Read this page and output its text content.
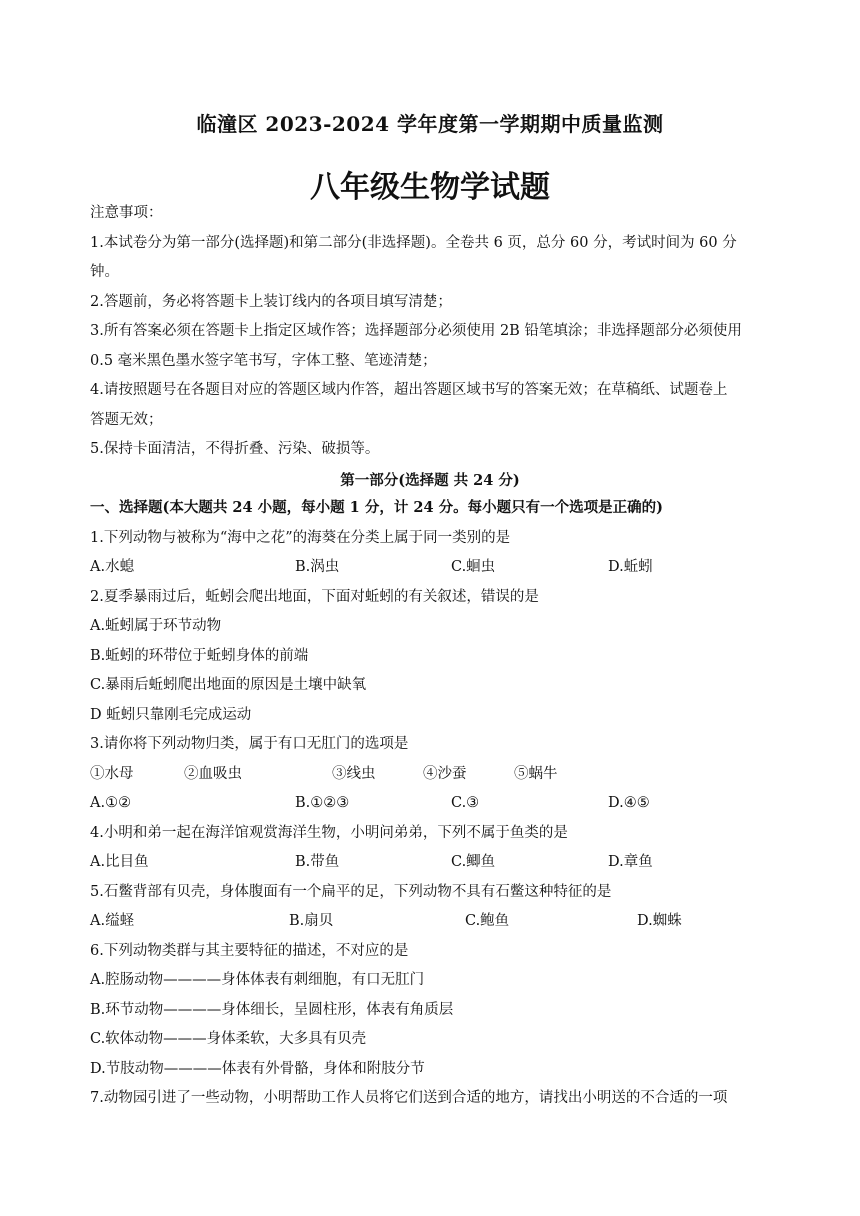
临潼区 2023-2024 学年度第一学期期中质量监测
八年级生物学试题
注意事项：
1.本试卷分为第一部分(选择题)和第二部分(非选择题)。全卷共 6 页，总分 60 分，考试时间为 60 分
钟。
2.答题前，务必将答题卡上装订线内的各项目填写清楚；
3.所有答案必须在答题卡上指定区域作答；选择题部分必须使用 2B 铅笔填涂；非选择题部分必须使用
0.5 毫米黑色墨水签字笔书写，字体工整、笔迹清楚；
4.请按照题号在各题目对应的答题区域内作答，超出答题区域书写的答案无效；在草稿纸、试题卷上
答题无效；
5.保持卡面清洁，不得折叠、污染、破损等。
第一部分(选择题 共 24 分)
一、选择题(本大题共 24 小题，每小题 1 分，计 24 分。每小题只有一个选项是正确的)
1.下列动物与被称为“海中之花”的海葵在分类上属于同一类别的是
A.水螅	B.涡虫	C.蛔虫	D.蚯蚓
2.夏季暴雨过后，蚯蚓会爬出地面，下面对蚯蚓的有关叙述，错误的是
A.蚯蚓属于环节动物
B.蚯蚓的环带位于蚯蚓身体的前端
C.暴雨后蚯蚓爬出地面的原因是土壤中缺氧
D 蚯蚓只靠刚毛完成运动
3.请你将下列动物归类，属于有口无肛门的选项是
①水母	②血吸虫	③线虫	④沙蚕	⑤蜗牛
A.①②	B.①②③	C.③	D.④⑤
4.小明和弟一起在海洋馆观赏海洋生物，小明问弟弟，下列不属于鱼类的是
A.比目鱼	B.带鱼	C.鲫鱼	D.章鱼
5.石鳖背部有贝壳，身体腹面有一个扁平的足，下列动物不具有石鳖这种特征的是
A.缢蛏	B.扇贝	C.鲍鱼	D.蜘蛛
6.下列动物类群与其主要特征的描述，不对应的是
A.腔肠动物————身体体表有刺细胞，有口无肛门
B.环节动物————身体细长，呈圆柱形，体表有角质层
C.软体动物———身体柔软，大多具有贝壳
D.节肢动物————体表有外骨骼，身体和附肢分节
7.动物园引进了一些动物，小明帮助工作人员将它们送到合适的地方，请找出小明送的不合适的一项
